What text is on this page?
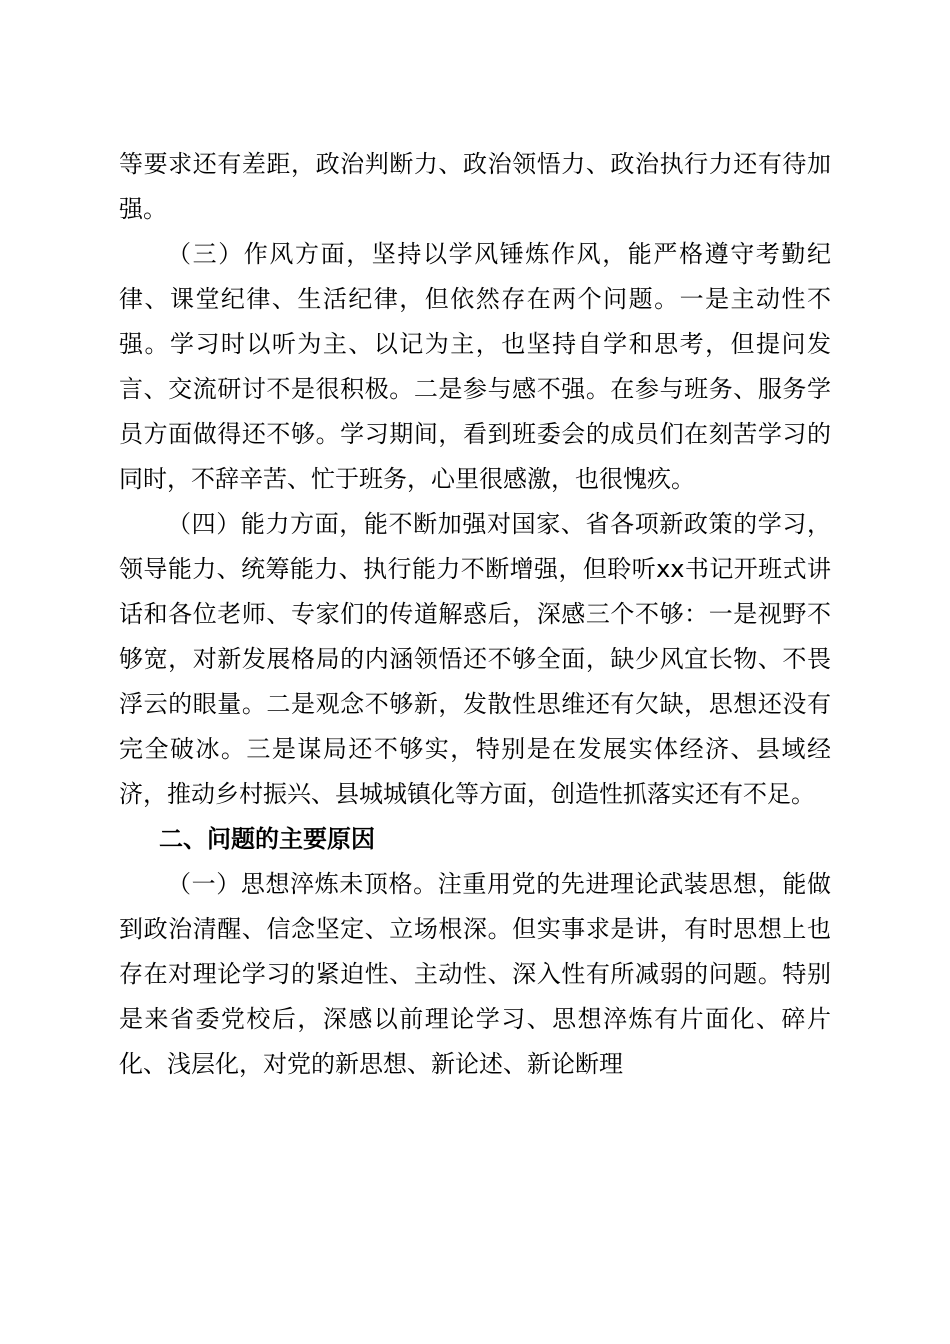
等要求还有差距，政治判断力、政治领悟力、政治执行力还有待加强。

（三）作风方面，坚持以学风锤炼作风，能严格遵守考勤纪律、课堂纪律、生活纪律，但依然存在两个问题。一是主动性不强。学习时以听为主、以记为主，也坚持自学和思考，但提问发言、交流研讨不是很积极。二是参与感不强。在参与班务、服务学员方面做得还不够。学习期间，看到班委会的成员们在刻苦学习的同时，不辞辛苦、忙于班务，心里很感激，也很愧疚。

（四）能力方面，能不断加强对国家、省各项新政策的学习，领导能力、统筹能力、执行能力不断增强，但聆听xx书记开班式讲话和各位老师、专家们的传道解惑后，深感三个不够：一是视野不够宽，对新发展格局的内涵领悟还不够全面，缺少风宜长物、不畏浮云的眼量。二是观念不够新，发散性思维还有欠缺，思想还没有完全破冰。三是谋局还不够实，特别是在发展实体经济、县域经济，推动乡村振兴、县城城镇化等方面，创造性抓落实还有不足。

二、问题的主要原因

（一）思想淬炼未顶格。注重用党的先进理论武装思想，能做到政治清醒、信念坚定、立场根深。但实事求是讲，有时思想上也存在对理论学习的紧迫性、主动性、深入性有所减弱的问题。特别是来省委党校后，深感以前理论学习、思想淬炼有片面化、碎片化、浅层化，对党的新思想、新论述、新论断理
